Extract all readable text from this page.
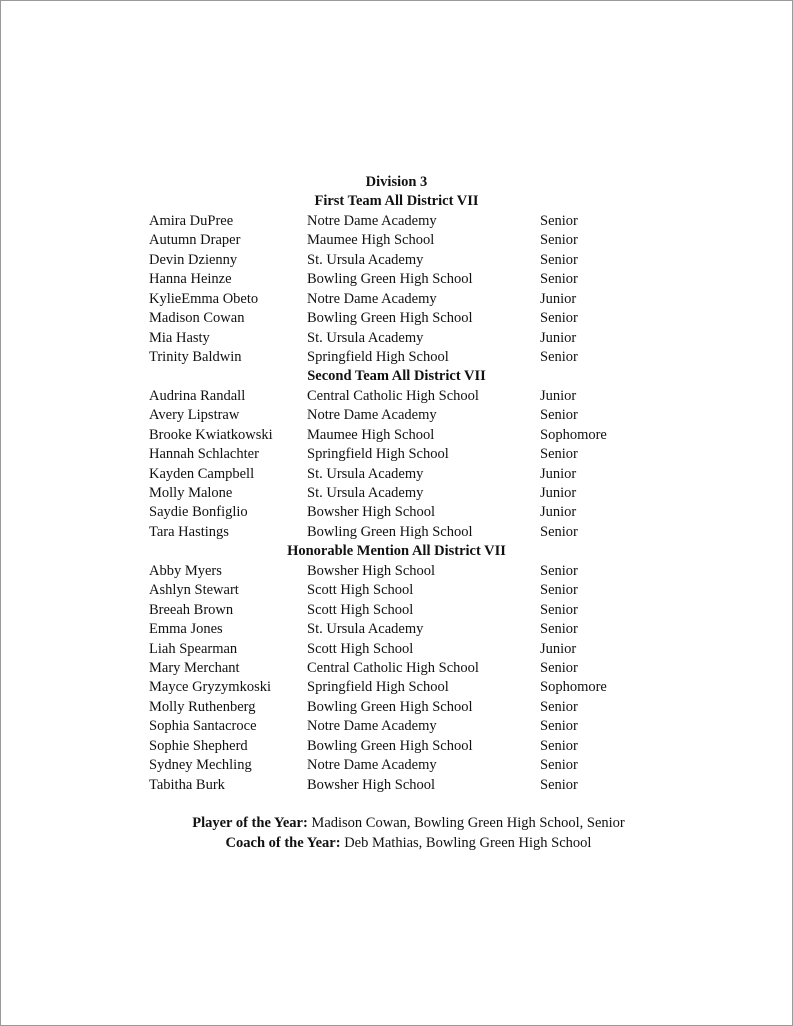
Division 3
First Team All District VII
Amira DuPree	Notre Dame Academy	Senior
Autumn Draper	Maumee High School	Senior
Devin Dzienny	St. Ursula Academy	Senior
Hanna Heinze	Bowling Green High School	Senior
KylieEmma Obeto	Notre Dame Academy	Junior
Madison Cowan	Bowling Green High School	Senior
Mia Hasty	St. Ursula Academy	Junior
Trinity Baldwin	Springfield High School	Senior
Second Team All District VII
Audrina Randall	Central Catholic High School	Junior
Avery Lipstraw	Notre Dame Academy	Senior
Brooke Kwiatkowski	Maumee High School	Sophomore
Hannah Schlachter	Springfield High School	Senior
Kayden Campbell	St. Ursula Academy	Junior
Molly Malone	St. Ursula Academy	Junior
Saydie Bonfiglio	Bowsher High School	Junior
Tara Hastings	Bowling Green High School	Senior
Honorable Mention All District VII
Abby Myers	Bowsher High School	Senior
Ashlyn Stewart	Scott High School	Senior
Breeah Brown	Scott High School	Senior
Emma Jones	St. Ursula Academy	Senior
Liah Spearman	Scott High School	Junior
Mary Merchant	Central Catholic High School	Senior
Mayce Gryzymkoski	Springfield High School	Sophomore
Molly Ruthenberg	Bowling Green High School	Senior
Sophia Santacroce	Notre Dame Academy	Senior
Sophie Shepherd	Bowling Green High School	Senior
Sydney Mechling	Notre Dame Academy	Senior
Tabitha Burk	Bowsher High School	Senior
Player of the Year: Madison Cowan, Bowling Green High School, Senior
Coach of the Year: Deb Mathias, Bowling Green High School
